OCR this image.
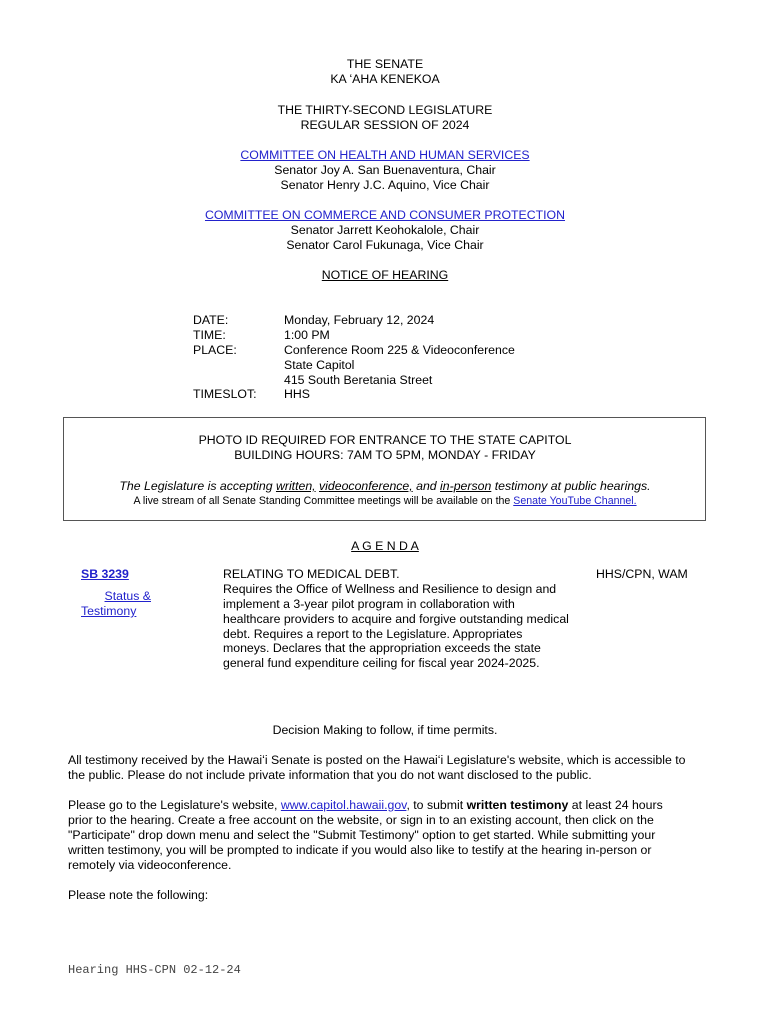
THE SENATE
KA ʻAHA KENEKOA
THE THIRTY-SECOND LEGISLATURE
REGULAR SESSION OF 2024
COMMITTEE ON HEALTH AND HUMAN SERVICES
Senator Joy A. San Buenaventura, Chair
Senator Henry J.C. Aquino, Vice Chair
COMMITTEE ON COMMERCE AND CONSUMER PROTECTION
Senator Jarrett Keohokalole, Chair
Senator Carol Fukunaga, Vice Chair
NOTICE OF HEARING
DATE:	Monday, February 12, 2024
TIME:	1:00 PM
PLACE:	Conference Room 225 & Videoconference
State Capitol
415 South Beretania Street
TIMESLOT: HHS
PHOTO ID REQUIRED FOR ENTRANCE TO THE STATE CAPITOL
BUILDING HOURS: 7AM TO 5PM, MONDAY - FRIDAY
The Legislature is accepting written, videoconference, and in-person testimony at public hearings.
A live stream of all Senate Standing Committee meetings will be available on the Senate YouTube Channel.
A G E N D A
SB 3239
Status &
Testimony
RELATING TO MEDICAL DEBT.	HHS/CPN, WAM
Requires the Office of Wellness and Resilience to design and
implement a 3-year pilot program in collaboration with
healthcare providers to acquire and forgive outstanding medical
debt. Requires a report to the Legislature. Appropriates
moneys. Declares that the appropriation exceeds the state
general fund expenditure ceiling for fiscal year 2024-2025.
Decision Making to follow, if time permits.
All testimony received by the Hawaiʻi Senate is posted on the Hawaiʻi Legislature's website, which is accessible to
the public. Please do not include private information that you do not want disclosed to the public.
Please go to the Legislature's website, www.capitol.hawaii.gov, to submit written testimony at least 24 hours
prior to the hearing. Create a free account on the website, or sign in to an existing account, then click on the
"Participate" drop down menu and select the "Submit Testimony" option to get started. While submitting your
written testimony, you will be prompted to indicate if you would also like to testify at the hearing in-person or
remotely via videoconference.
Please note the following:
Hearing HHS-CPN 02-12-24
